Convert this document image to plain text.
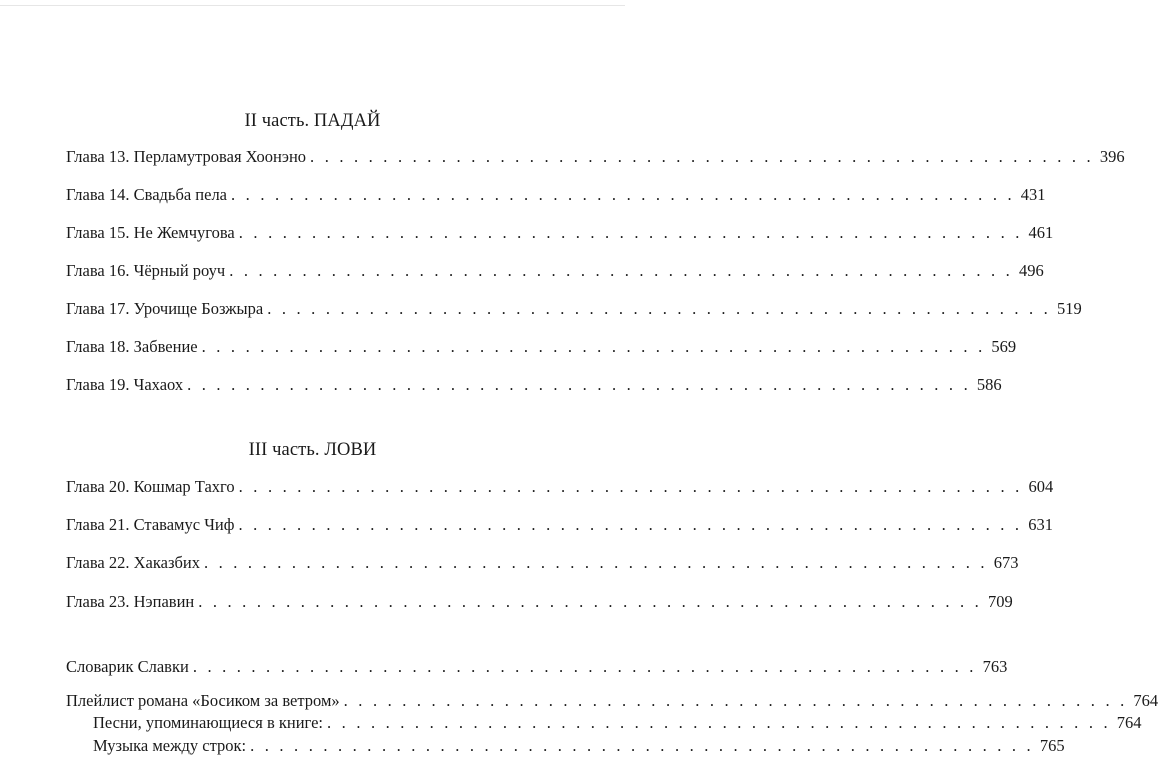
II часть. ПАДАЙ
Глава 13. Перламутровая Хоонэно . . . . . . . . . . . . . . . . . . . . . . . . . . . . . . . . . . . . . . . . . . . . . . . . . . . . . . 396
Глава 14. Свадьба пела . . . . . . . . . . . . . . . . . . . . . . . . . . . . . . . . . . . . . . . . . . . . . . . . . . . . . . 431
Глава 15. Не Жемчугова . . . . . . . . . . . . . . . . . . . . . . . . . . . . . . . . . . . . . . . . . . . . . . . . . . . . . . 461
Глава 16. Чёрный роуч . . . . . . . . . . . . . . . . . . . . . . . . . . . . . . . . . . . . . . . . . . . . . . . . . . . . . . 496
Глава 17. Урочище Бозжыра . . . . . . . . . . . . . . . . . . . . . . . . . . . . . . . . . . . . . . . . . . . . . . . . . . . . . . 519
Глава 18. Забвение . . . . . . . . . . . . . . . . . . . . . . . . . . . . . . . . . . . . . . . . . . . . . . . . . . . . . . 569
Глава 19. Чахаох . . . . . . . . . . . . . . . . . . . . . . . . . . . . . . . . . . . . . . . . . . . . . . . . . . . . . . 586
III часть. ЛОВИ
Глава 20. Кошмар Тахго . . . . . . . . . . . . . . . . . . . . . . . . . . . . . . . . . . . . . . . . . . . . . . . . . . . . . . 604
Глава 21. Ставамус Чиф . . . . . . . . . . . . . . . . . . . . . . . . . . . . . . . . . . . . . . . . . . . . . . . . . . . . . . 631
Глава 22. Хаказбих . . . . . . . . . . . . . . . . . . . . . . . . . . . . . . . . . . . . . . . . . . . . . . . . . . . . . . 673
Глава 23. Нэпавин . . . . . . . . . . . . . . . . . . . . . . . . . . . . . . . . . . . . . . . . . . . . . . . . . . . . . . 709
Словарик Славки . . . . . . . . . . . . . . . . . . . . . . . . . . . . . . . . . . . . . . . . . . . . . . . . . . . . . . 763
Плейлист романа «Босиком за ветром» . . . . . . . . . . . . . . . . . . . . . . . . . . . . . . . . . . . . . . . . . . . . . . . . . . . . . . 764
Песни, упоминающиеся в книге: . . . . . . . . . . . . . . . . . . . . . . . . . . . . . . . . . . . . . . . . . . . . . . . . . . . . . . 764
Музыка между строк: . . . . . . . . . . . . . . . . . . . . . . . . . . . . . . . . . . . . . . . . . . . . . . . . . . . . . . 765
